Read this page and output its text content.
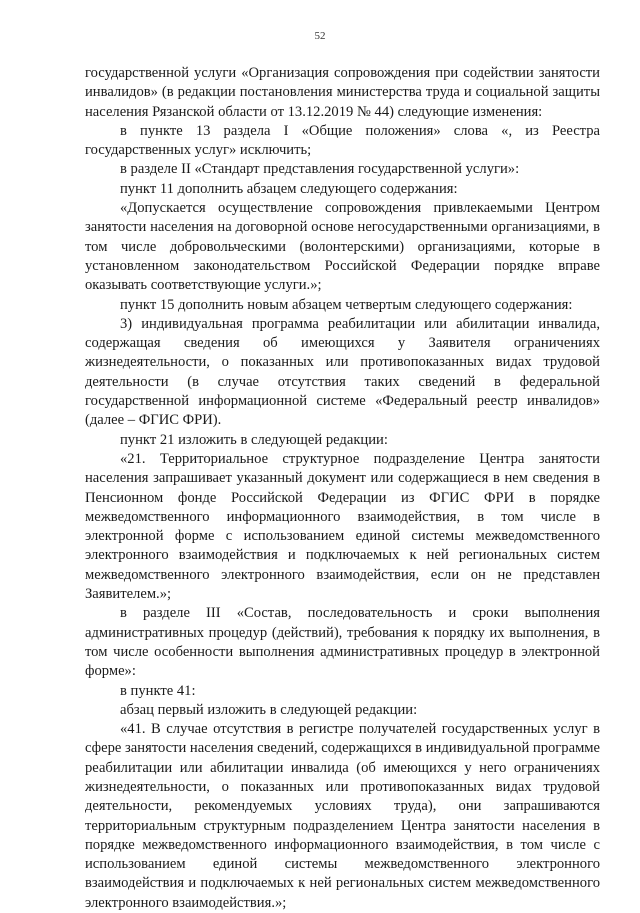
52

государственной услуги «Организация сопровождения при содействии занятости инвалидов» (в редакции постановления министерства труда и социальной защиты населения Рязанской области от 13.12.2019 № 44) следующие изменения:

в пункте 13 раздела I «Общие положения» слова «, из Реестра государственных услуг» исключить;

в разделе II «Стандарт представления государственной услуги»:

пункт 11 дополнить абзацем следующего содержания:

«Допускается осуществление сопровождения привлекаемыми Центром занятости населения на договорной основе негосударственными организациями, в том числе добровольческими (волонтерскими) организациями, которые в установленном законодательством Российской Федерации порядке вправе оказывать соответствующие услуги.»;

пункт 15 дополнить новым абзацем четвертым следующего содержания:

3) индивидуальная программа реабилитации или абилитации инвалида, содержащая сведения об имеющихся у Заявителя ограничениях жизнедеятельности, о показанных или противопоказанных видах трудовой деятельности (в случае отсутствия таких сведений в федеральной государственной информационной системе «Федеральный реестр инвалидов» (далее – ФГИС ФРИ).

пункт 21 изложить в следующей редакции:

«21. Территориальное структурное подразделение Центра занятости населения запрашивает указанный документ или содержащиеся в нем сведения в Пенсионном фонде Российской Федерации из ФГИС ФРИ в порядке межведомственного информационного взаимодействия, в том числе в электронной форме с использованием единой системы межведомственного электронного взаимодействия и подключаемых к ней региональных систем межведомственного электронного взаимодействия, если он не представлен Заявителем.»;

в разделе III «Состав, последовательность и сроки выполнения административных процедур (действий), требования к порядку их выполнения, в том числе особенности выполнения административных процедур в электронной форме»:

в пункте 41:

абзац первый изложить в следующей редакции:

«41. В случае отсутствия в регистре получателей государственных услуг в сфере занятости населения сведений, содержащихся в индивидуальной программе реабилитации или абилитации инвалида (об имеющихся у него ограничениях жизнедеятельности, о показанных или противопоказанных видах трудовой деятельности, рекомендуемых условиях труда), они запрашиваются территориальным структурным подразделением Центра занятости населения в порядке межведомственного информационного взаимодействия, в том числе с использованием единой системы межведомственного электронного взаимодействия и подключаемых к ней региональных систем межведомственного электронного взаимодействия.»;
